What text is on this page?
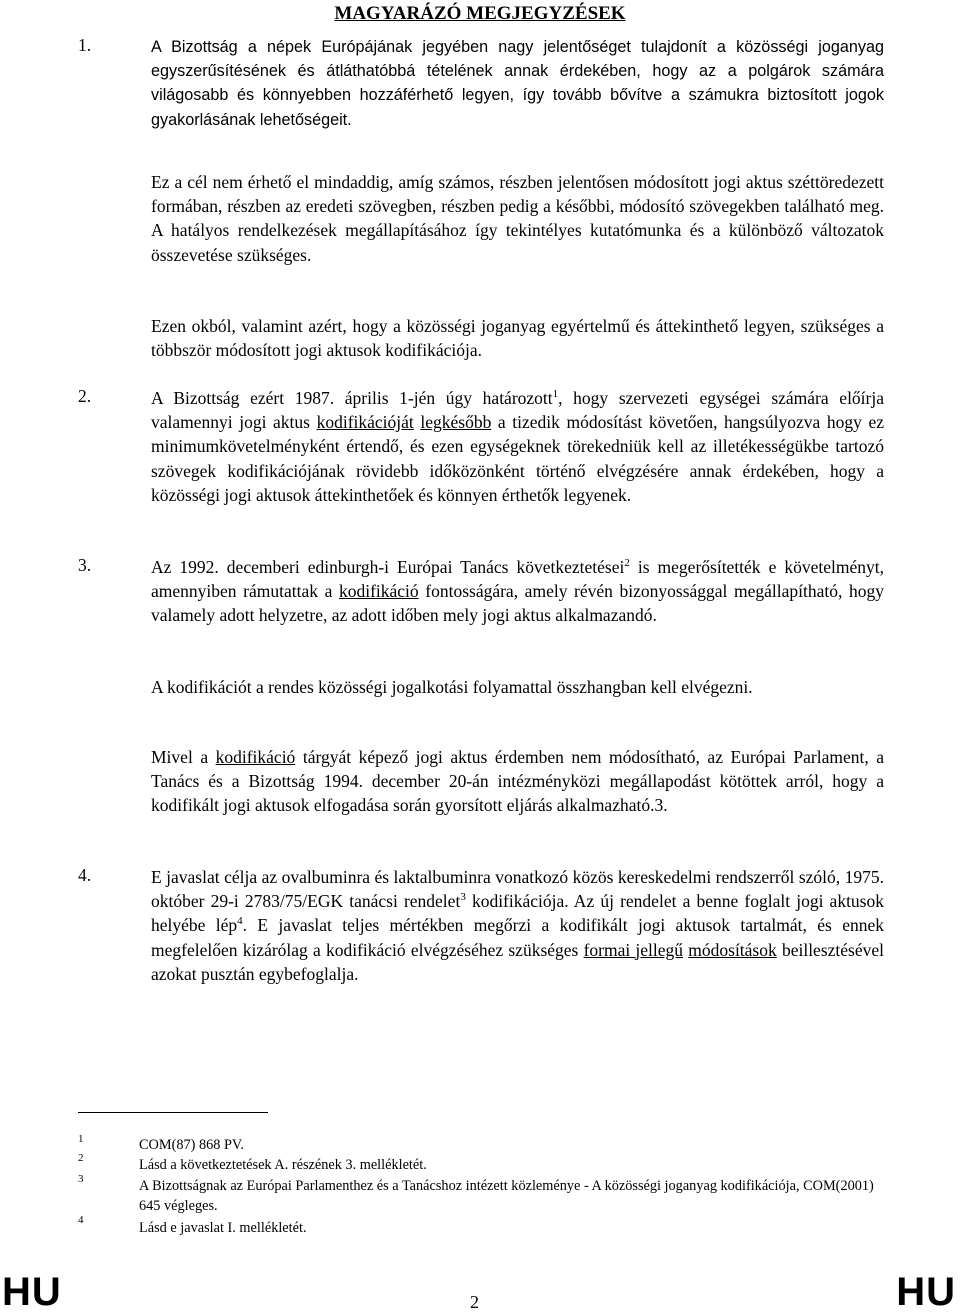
MAGYARÁZÓ MEGJEGYZÉSEK
1.	A Bizottság a népek Európájának jegyében nagy jelentőséget tulajdonít a közösségi joganyag egyszerűsítésének és átláthatóbbá tételének annak érdekében, hogy az a polgárok számára világosabb és könnyebben hozzáférhető legyen, így tovább bővítve a számukra biztosított jogok gyakorlásának lehetőségeit.
Ez a cél nem érhető el mindaddig, amíg számos, részben jelentősen módosított jogi aktus széttöredezett formában, részben az eredeti szövegben, részben pedig a későbbi, módosító szövegekben található meg. A hatályos rendelkezések megállapításához így tekintélyes kutatómunka és a különböző változatok összevetése szükséges.
Ezen okból, valamint azért, hogy a közösségi joganyag egyértelmű és áttekinthető legyen, szükséges a többször módosított jogi aktusok kodifikációja.
2.	A Bizottság ezért 1987. április 1-jén úgy határozott$^1$, hogy szervezeti egységei számára előírja valamennyi jogi aktus kodifikációját legkésőbb a tizedik módosítást követően, hangsúlyozva hogy ez minimumkövetelményként értendő, és ezen egységeknek törekedniük kell az illetékességükbe tartozó szövegek kodifikációjának rövidebb időközönként történő elvégzésére annak érdekében, hogy a közösségi jogi aktusok áttekinthetőek és könnyen érthetők legyenek.
3.	Az 1992. decemberi edinburgh-i Európai Tanács következtetései$^2$ is megerősítették e követelményt, amennyiben rámutattak a kodifikáció fontosságára, amely révén bizonyossággal megállapítható, hogy valamely adott helyzetre, az adott időben mely jogi aktus alkalmazandó.
A kodifikációt a rendes közösségi jogalkotási folyamattal összhangban kell elvégezni.
Mivel a kodifikáció tárgyát képező jogi aktus érdemben nem módosítható, az Európai Parlament, a Tanács és a Bizottság 1994. december 20-án intézményközi megállapodást kötöttek arról, hogy a kodifikált jogi aktusok elfogadása során gyorsított eljárás alkalmazható.3.
4.	E javaslat célja az ovalbuminra és laktalbuminra vonatkozó közös kereskedelmi rendszerről szóló, 1975. október 29-i 2783/75/EGK tanácsi rendelet$^3$ kodifikációja. Az új rendelet a benne foglalt jogi aktusok helyébe lép$^4$. E javaslat teljes mértékben megőrzi a kodifikált jogi aktusok tartalmát, és ennek megfelelően kizárólag a kodifikáció elvégzéséhez szükséges formai jellegű módosítások beillesztésével azokat pusztán egybefoglalja.
1	COM(87) 868 PV.
2	Lásd a következtetések A. részének 3. mellékletét.
3	A Bizottságnak az Európai Parlamenthez és a Tanácshoz intézett közleménye - A közösségi joganyag kodifikációja, COM(2001) 645 végleges.
4	Lásd e javaslat I. mellékletét.
HU	2	HU
